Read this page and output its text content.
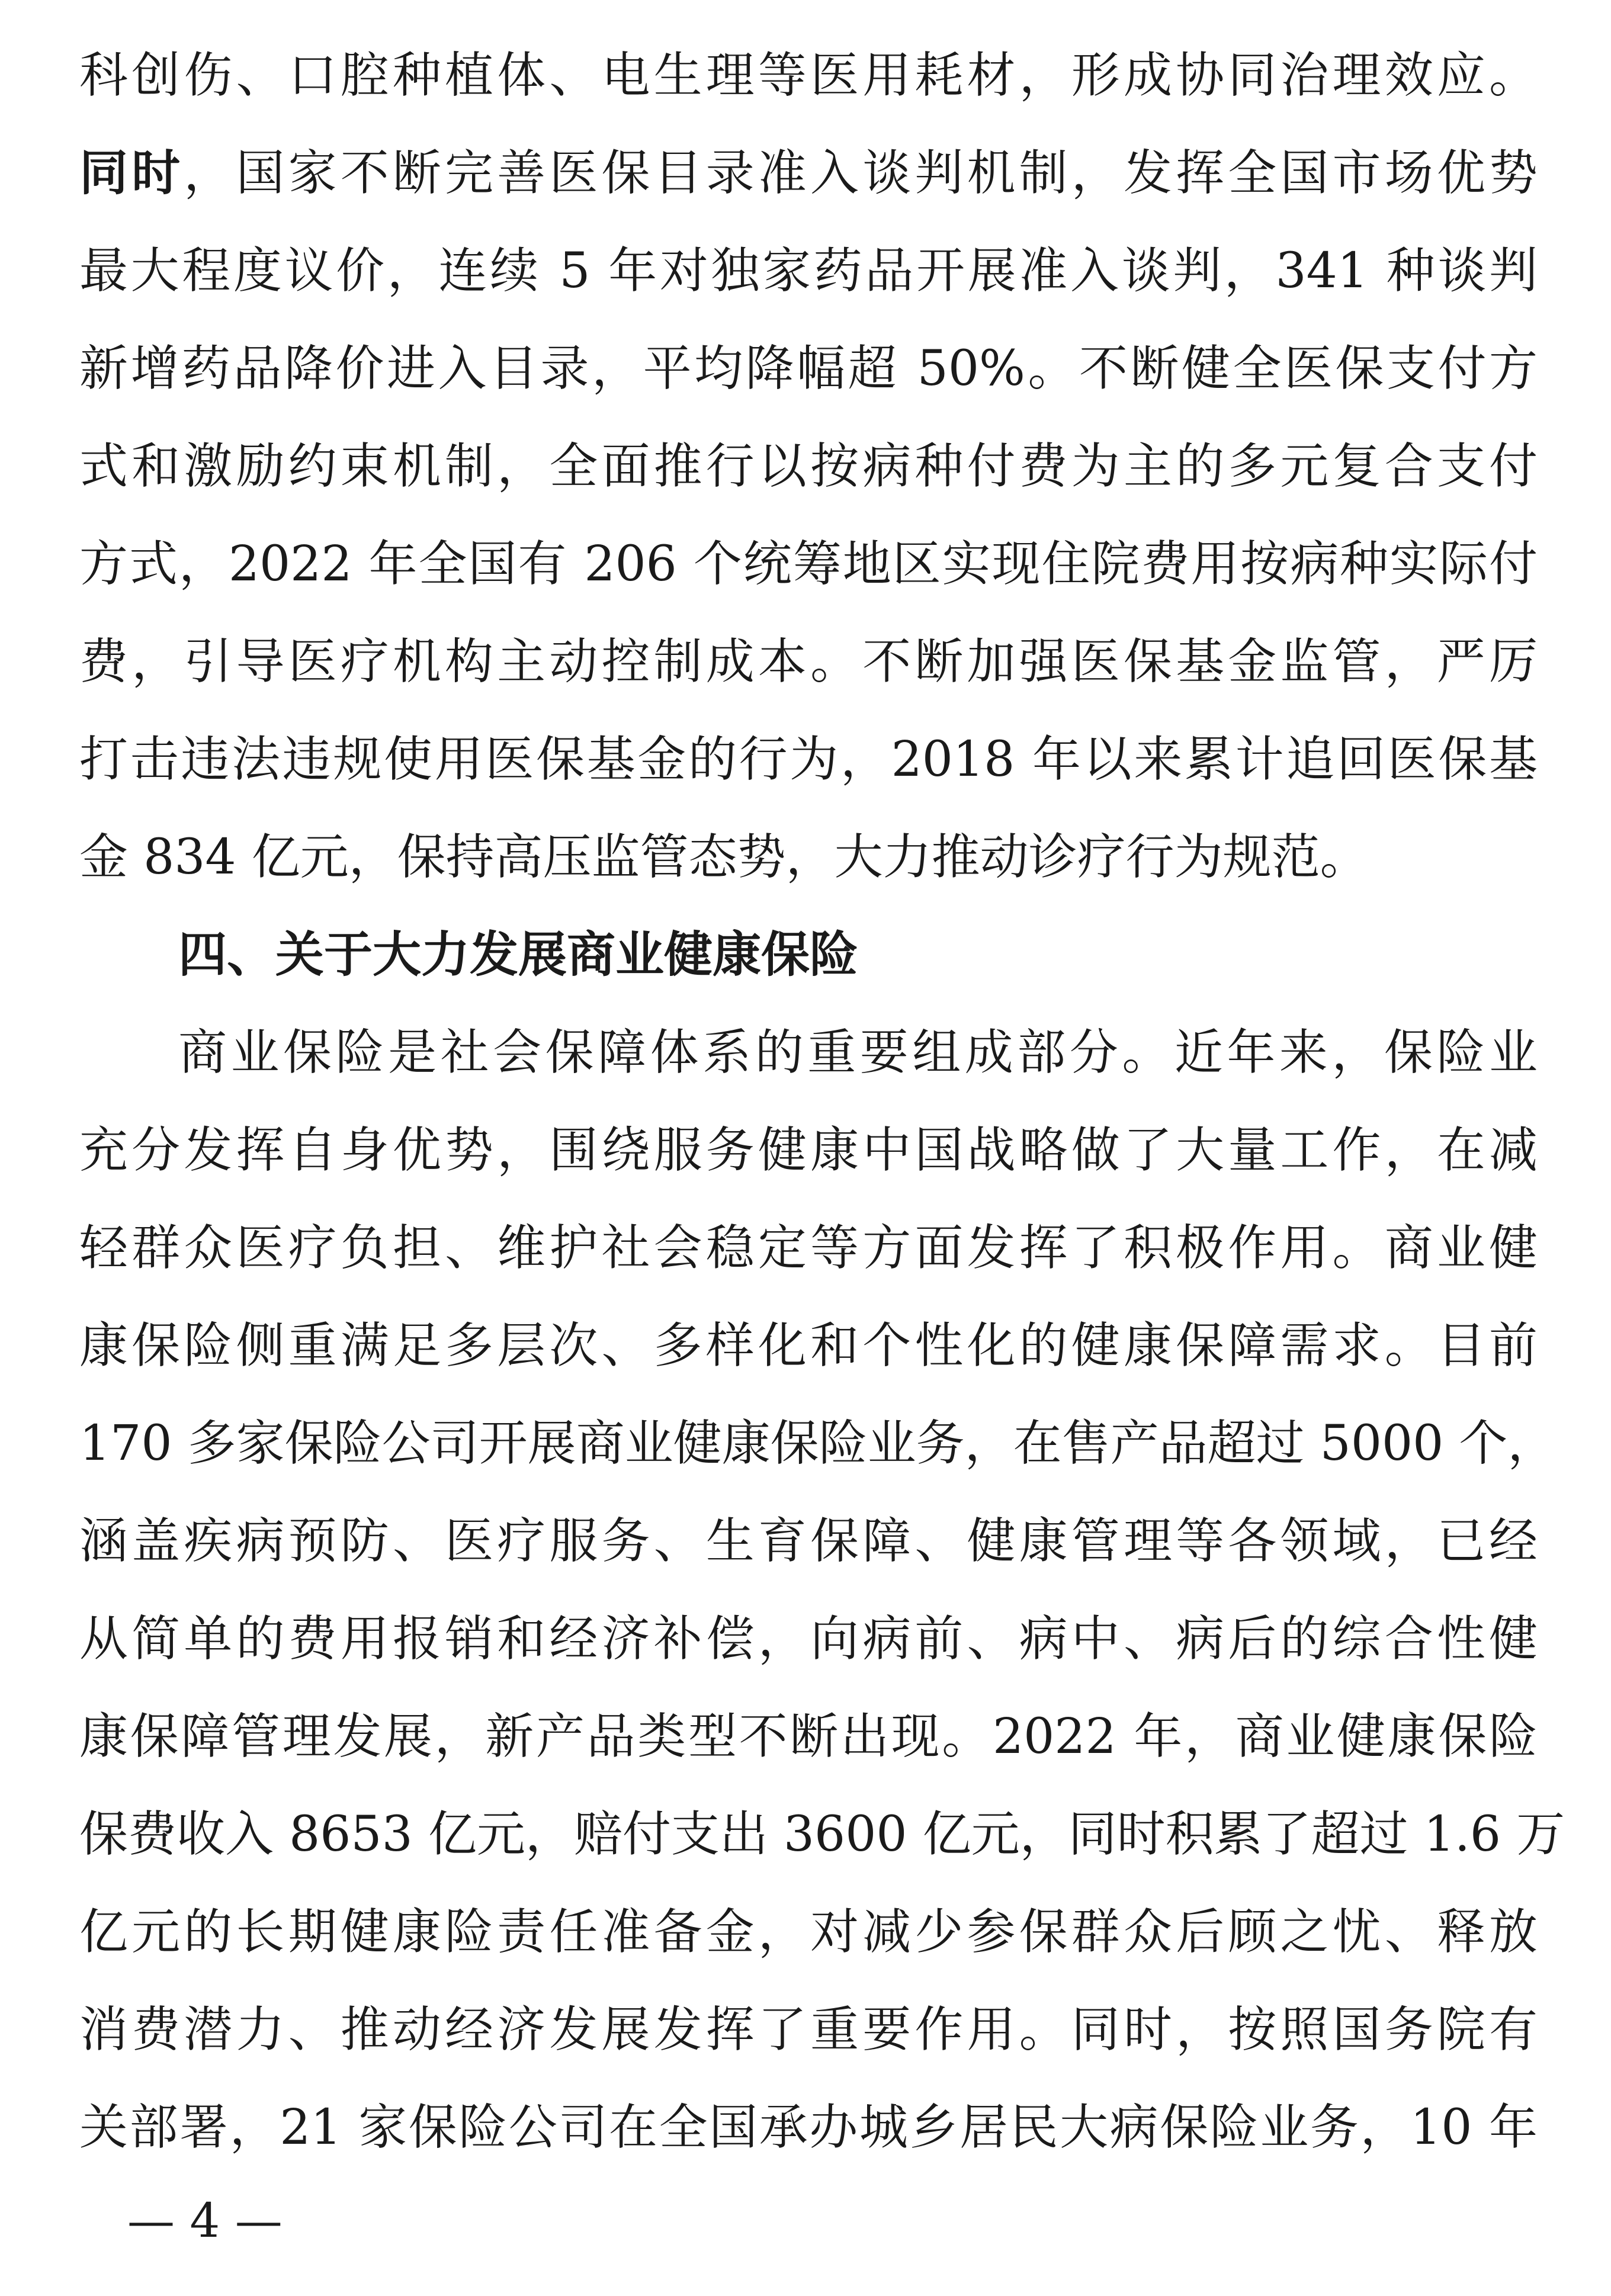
科创伤、口腔种植体、电生理等医用耗材，形成协同治理效应。
同时，国家不断完善医保目录准入谈判机制，发挥全国市场优势
最大程度议价，连续 5 年对独家药品开展准入谈判，341 种谈判
新增药品降价进入目录，平均降幅超 50%。不断健全医保支付方
式和激励约束机制，全面推行以按病种付费为主的多元复合支付
方式，2022 年全国有 206 个统筹地区实现住院费用按病种实际付
费，引导医疗机构主动控制成本。不断加强医保基金监管，严厉
打击违法违规使用医保基金的行为，2018 年以来累计追回医保基
金 834 亿元，保持高压监管态势，大力推动诊疗行为规范。
四、关于大力发展商业健康保险
商业保险是社会保障体系的重要组成部分。近年来，保险业
充分发挥自身优势，围绕服务健康中国战略做了大量工作，在减
轻群众医疗负担、维护社会稳定等方面发挥了积极作用。商业健
康保险侧重满足多层次、多样化和个性化的健康保障需求。目前
170 多家保险公司开展商业健康保险业务，在售产品超过 5000 个，
涵盖疾病预防、医疗服务、生育保障、健康管理等各领域，已经
从简单的费用报销和经济补偿，向病前、病中、病后的综合性健
康保障管理发展，新产品类型不断出现。2022 年，商业健康保险
保费收入 8653 亿元，赔付支出 3600 亿元，同时积累了超过 1.6 万
亿元的长期健康险责任准备金，对减少参保群众后顾之忧、释放
消费潜力、推动经济发展发挥了重要作用。同时，按照国务院有
关部署，21 家保险公司在全国承办城乡居民大病保险业务，10 年
— 4 —
